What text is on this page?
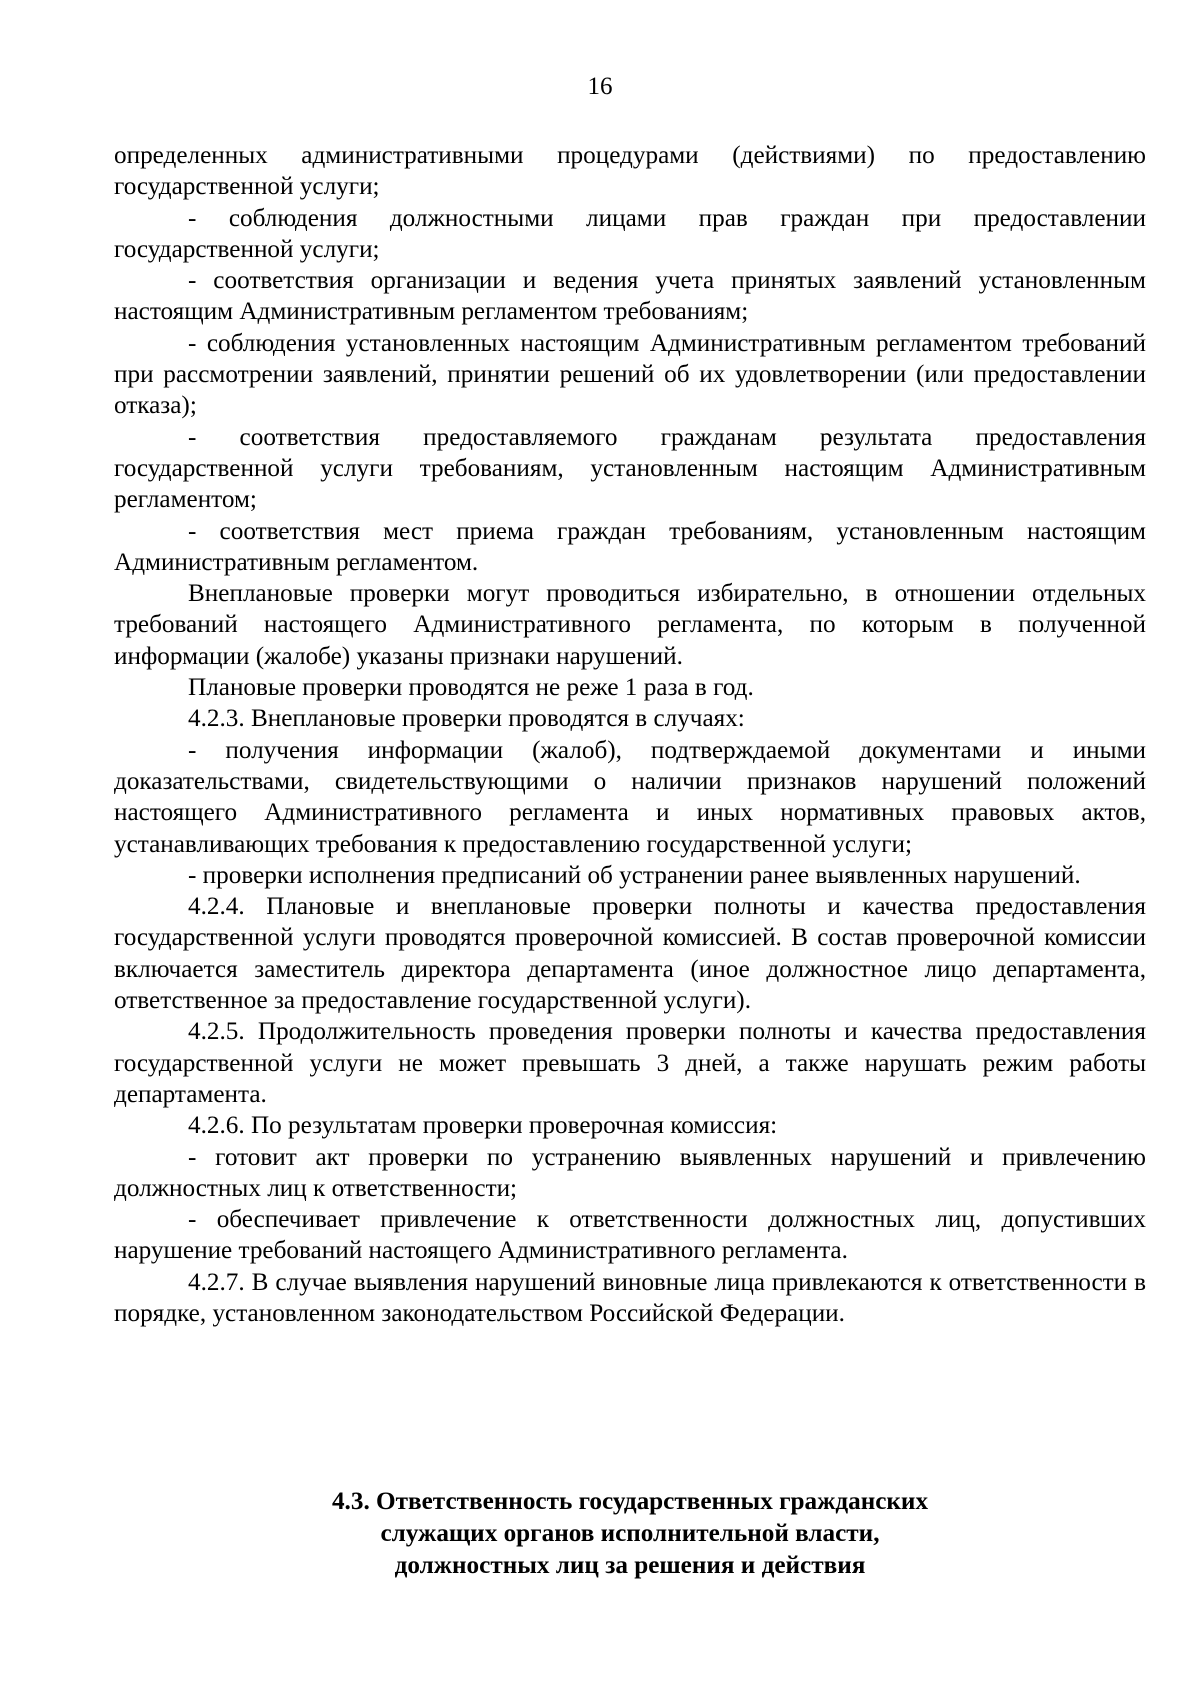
16

определенных административными процедурами (действиями) по предоставлению государственной услуги;

- соблюдения должностными лицами прав граждан при предоставлении государственной услуги;

- соответствия организации и ведения учета принятых заявлений установленным настоящим Административным регламентом требованиям;

- соблюдения установленных настоящим Административным регламентом требований при рассмотрении заявлений, принятии решений об их удовлетворении (или предоставлении отказа);

- соответствия предоставляемого гражданам результата предоставления государственной услуги требованиям, установленным настоящим Административным регламентом;

- соответствия мест приема граждан требованиям, установленным настоящим Административным регламентом.

Внеплановые проверки могут проводиться избирательно, в отношении отдельных требований настоящего Административного регламента, по которым в полученной информации (жалобе) указаны признаки нарушений.

Плановые проверки проводятся не реже 1 раза в год.

4.2.3. Внеплановые проверки проводятся в случаях:

- получения информации (жалоб), подтверждаемой документами и иными доказательствами, свидетельствующими о наличии признаков нарушений положений настоящего Административного регламента и иных нормативных правовых актов, устанавливающих требования к предоставлению государственной услуги;

- проверки исполнения предписаний об устранении ранее выявленных нарушений.

4.2.4. Плановые и внеплановые проверки полноты и качества предоставления государственной услуги проводятся проверочной комиссией. В состав проверочной комиссии включается заместитель директора департамента (иное должностное лицо департамента, ответственное за предоставление государственной услуги).

4.2.5. Продолжительность проведения проверки полноты и качества предоставления государственной услуги не может превышать 3 дней, а также нарушать режим работы департамента.

4.2.6. По результатам проверки проверочная комиссия:

- готовит акт проверки по устранению выявленных нарушений и привлечению должностных лиц к ответственности;

- обеспечивает привлечение к ответственности должностных лиц, допустивших нарушение требований настоящего Административного регламента.

4.2.7. В случае выявления нарушений виновные лица привлекаются к ответственности в порядке, установленном законодательством Российской Федерации.

4.3. Ответственность государственных гражданских
служащих органов исполнительной власти,
должностных лиц за решения и действия
